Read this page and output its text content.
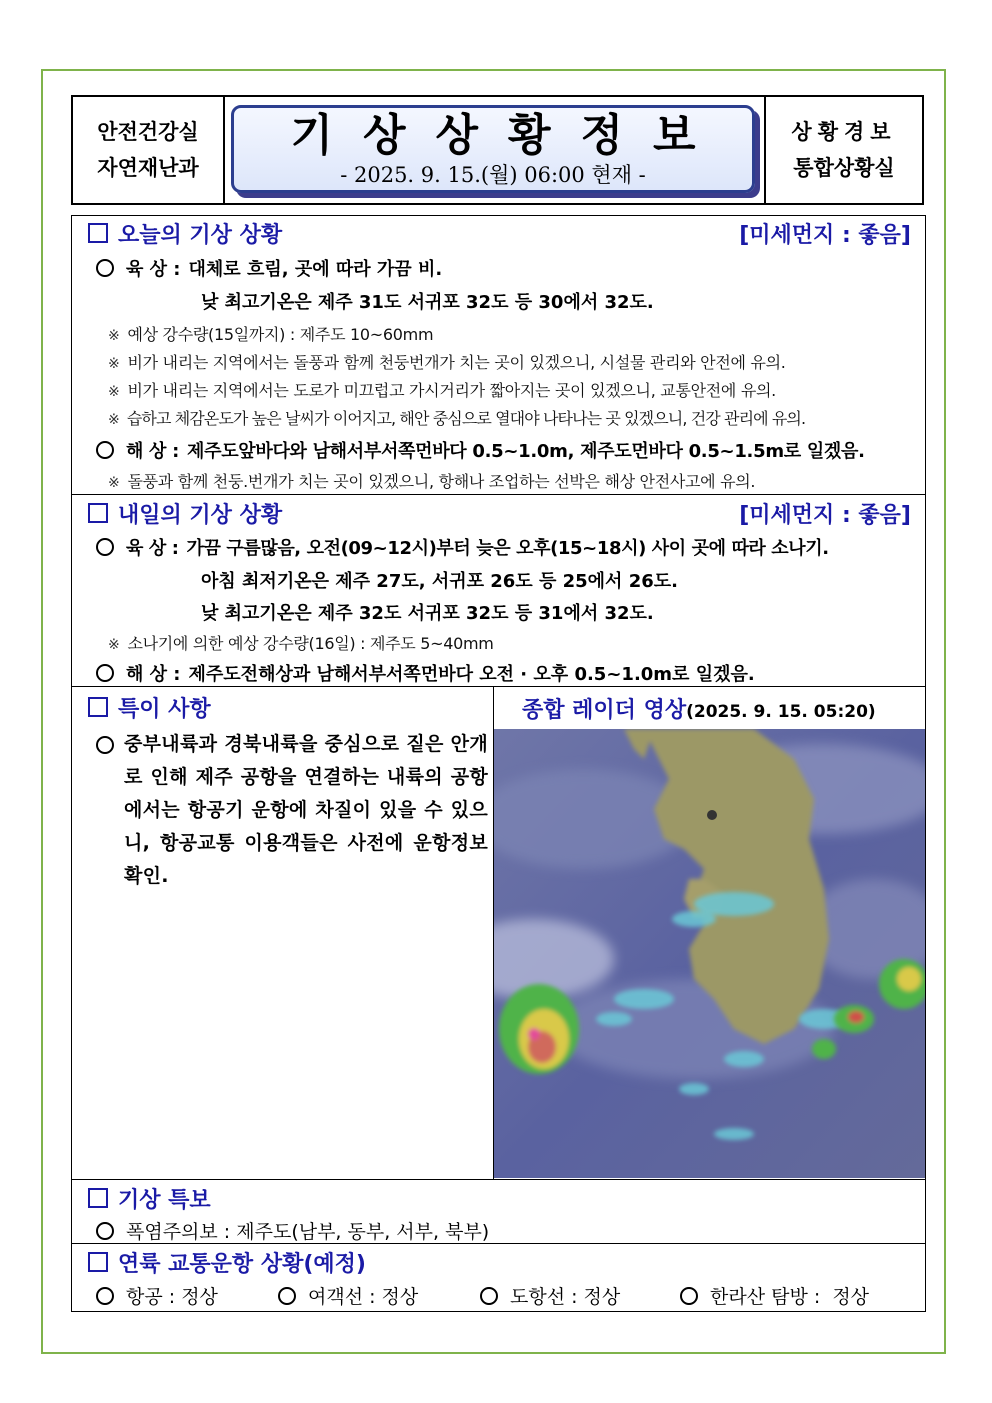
안전건강실
자연재난과
기상상황정보
- 2025. 9. 15.(월) 06:00 현재 -
상황경보
통합상황실
오늘의 기상 상황	[미세먼지 : 좋음]
육 상 : 대체로 흐림, 곳에 따라 가끔 비.
낮 최고기온은 제주 31도 서귀포 32도 등 30에서 32도.
※ 예상 강수량(15일까지) : 제주도 10~60mm
※ 비가 내리는 지역에서는 돌풍과 함께 천둥번개가 치는 곳이 있겠으니, 시설물 관리와 안전에 유의.
※ 비가 내리는 지역에서는 도로가 미끄럽고 가시거리가 짧아지는 곳이 있겠으니, 교통안전에 유의.
※ 습하고 체감온도가 높은 날씨가 이어지고, 해안 중심으로 열대야 나타나는 곳 있겠으니, 건강 관리에 유의.
해 상 : 제주도앞바다와 남해서부서쪽먼바다 0.5~1.0m, 제주도먼바다 0.5~1.5m로 일겠음.
※ 돌풍과 함께 천둥.번개가 치는 곳이 있겠으니, 항해나 조업하는 선박은 해상 안전사고에 유의.
내일의 기상 상황	[미세먼지 : 좋음]
육 상 : 가끔 구름많음, 오전(09~12시)부터 늦은 오후(15~18시) 사이 곳에 따라 소나기.
아침 최저기온은 제주 27도, 서귀포 26도 등 25에서 26도.
낮 최고기온은 제주 32도 서귀포 32도 등 31에서 32도.
※ 소나기에 의한 예상 강수량(16일) : 제주도 5~40mm
해 상 : 제주도전해상과 남해서부서쪽먼바다 오전 · 오후 0.5~1.0m로 일겠음.
특이 사항
중부내륙과 경북내륙을 중심으로 짙은 안개로 인해 제주 공항을 연결하는 내륙의 공항에서는 항공기 운항에 차질이 있을 수 있으니, 항공교통 이용객들은 사전에 운항정보 확인.
종합 레이더 영상(2025. 9. 15. 05:20)
기상 특보
폭염주의보 : 제주도(남부, 동부, 서부, 북부)
연륙 교통운항 상황(예정)
항공 : 정상	여객선 : 정상	도항선 : 정상	한라산 탐방 :  정상
